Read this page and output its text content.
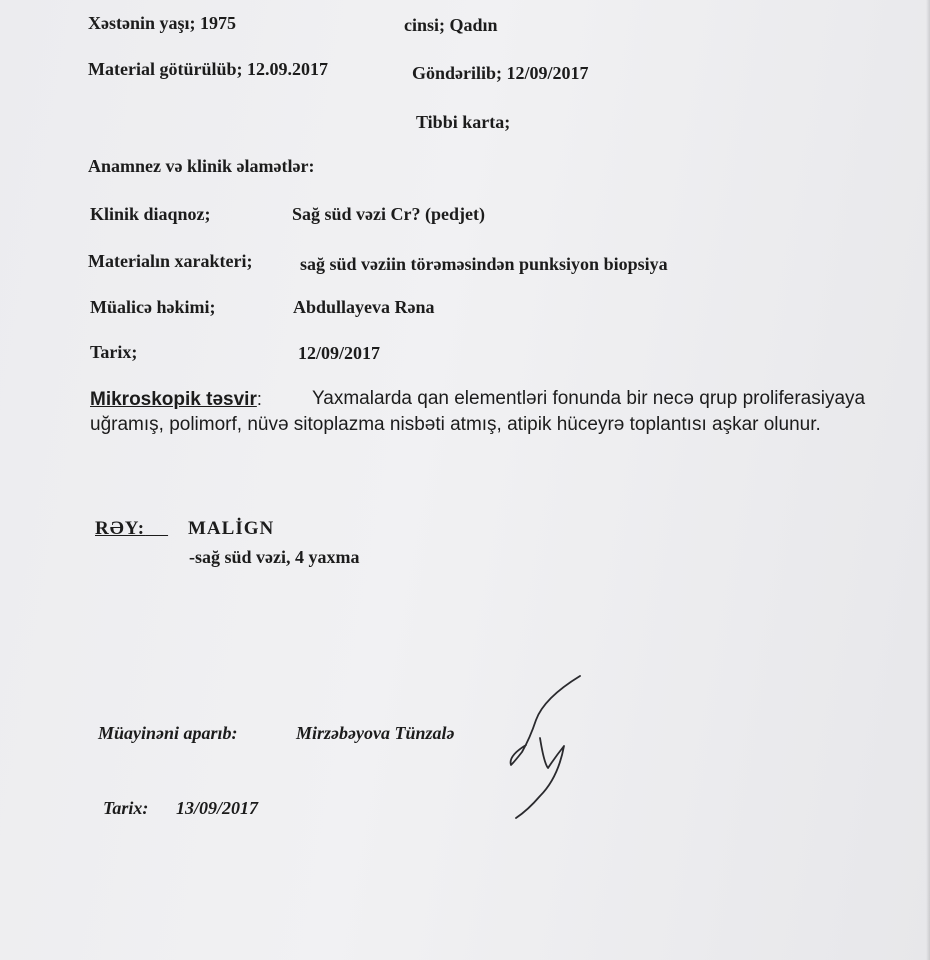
Xəstənin yaşı; 1975	cinsi; Qadın
Material götürülüb; 12.09.2017	Göndərilib; 12/09/2017
Tibbi karta;
Anamnez və klinik əlamətlər:
Klinik diaqnoz;	Sağ süd vəzi Cr? (pedjet)
Materialın xarakteri;	sağ süd vəziin törəməsindən punksiyon biopsiya
Müalicə həkimi;	Abdullayeva Rəna
Tarix;	12/09/2017
Mikroskopik təsvir: Yaxmalarda qan elementləri fonunda bir necə qrup proliferasiyaya
uğramış, polimorf, nüvə sitoplazma nisbəti atmış, atipik hüceyrə toplantısı aşkar olunur.
RƏY:	MALİGN
-sağ süd vəzi, 4 yaxma
Müayinəni aparıb:	Mirzəbəyova Tünzalə
Tarix: 13/09/2017
